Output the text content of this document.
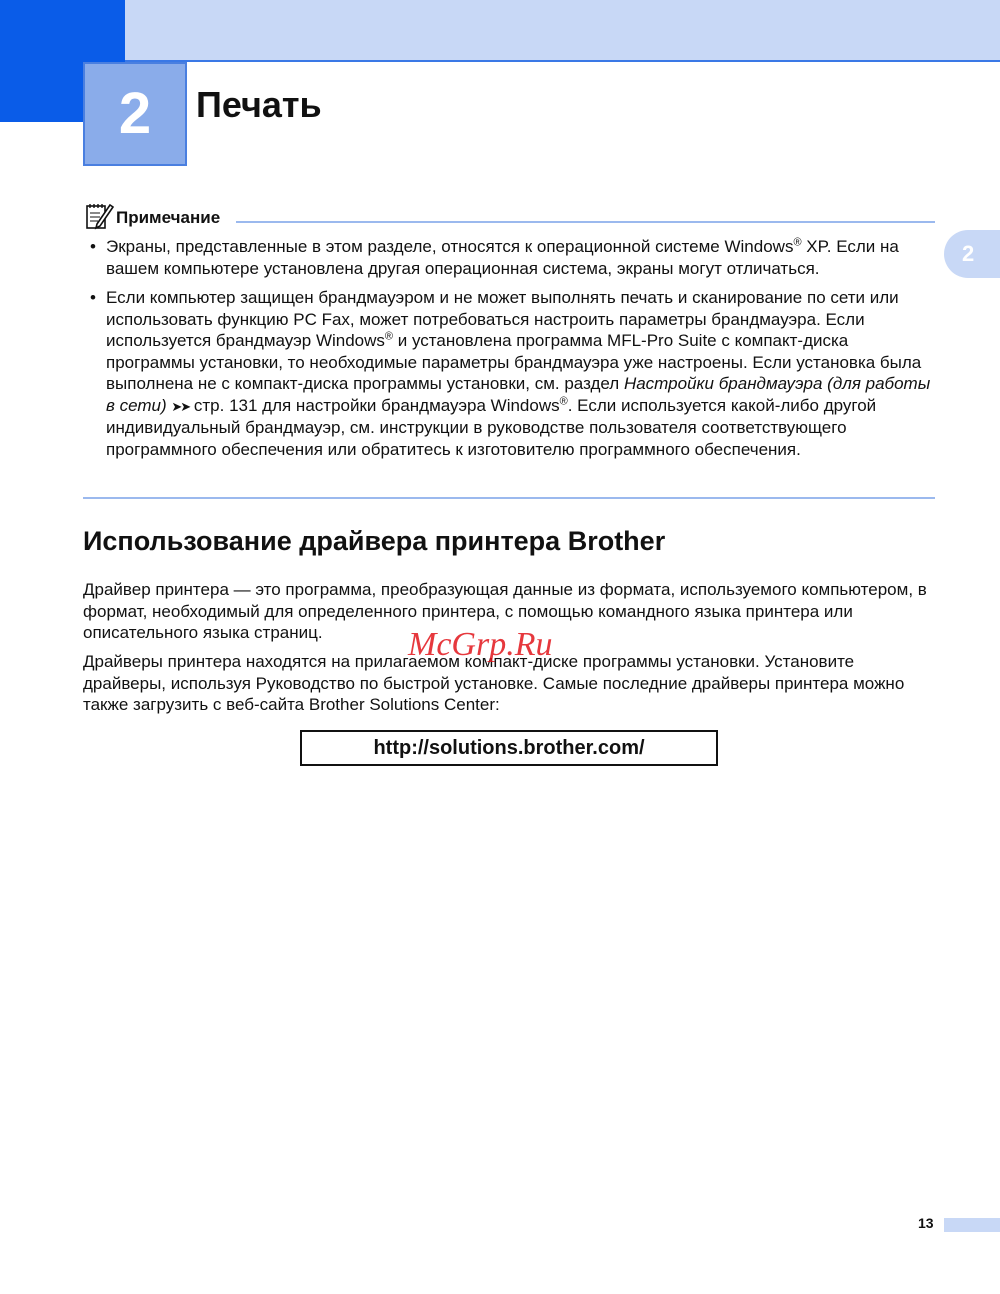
2	Печать
2
Примечание
• Экраны, представленные в этом разделе, относятся к операционной системе Windows® XP. Если на вашем компьютере установлена другая операционная система, экраны могут отличаться.
• Если компьютер защищен брандмауэром и не может выполнять печать и сканирование по сети или использовать функцию PC Fax, может потребоваться настроить параметры брандмауэра. Если используется брандмауэр Windows® и установлена программа MFL-Pro Suite с компакт-диска программы установки, то необходимые параметры брандмауэра уже настроены. Если установка была выполнена не с компакт-диска программы установки, см. раздел Настройки брандмауэра (для работы в сети) ➤➤ стр. 131 для настройки брандмауэра Windows®. Если используется какой-либо другой индивидуальный брандмауэр, см. инструкции в руководстве пользователя соответствующего программного обеспечения или обратитесь к изготовителю программного обеспечения.
Использование драйвера принтера Brother

Драйвер принтера — это программа, преобразующая данные из формата, используемого компьютером, в формат, необходимый для определенного принтера, с помощью командного языка принтера или описательного языка страниц.

Драйверы принтера находятся на прилагаемом компакт-диске программы установки. Установите драйверы, используя Руководство по быстрой установке. Самые последние драйверы принтера можно также загрузить с веб-сайта Brother Solutions Center:

http://solutions.brother.com/
McGrp.Ru
13
